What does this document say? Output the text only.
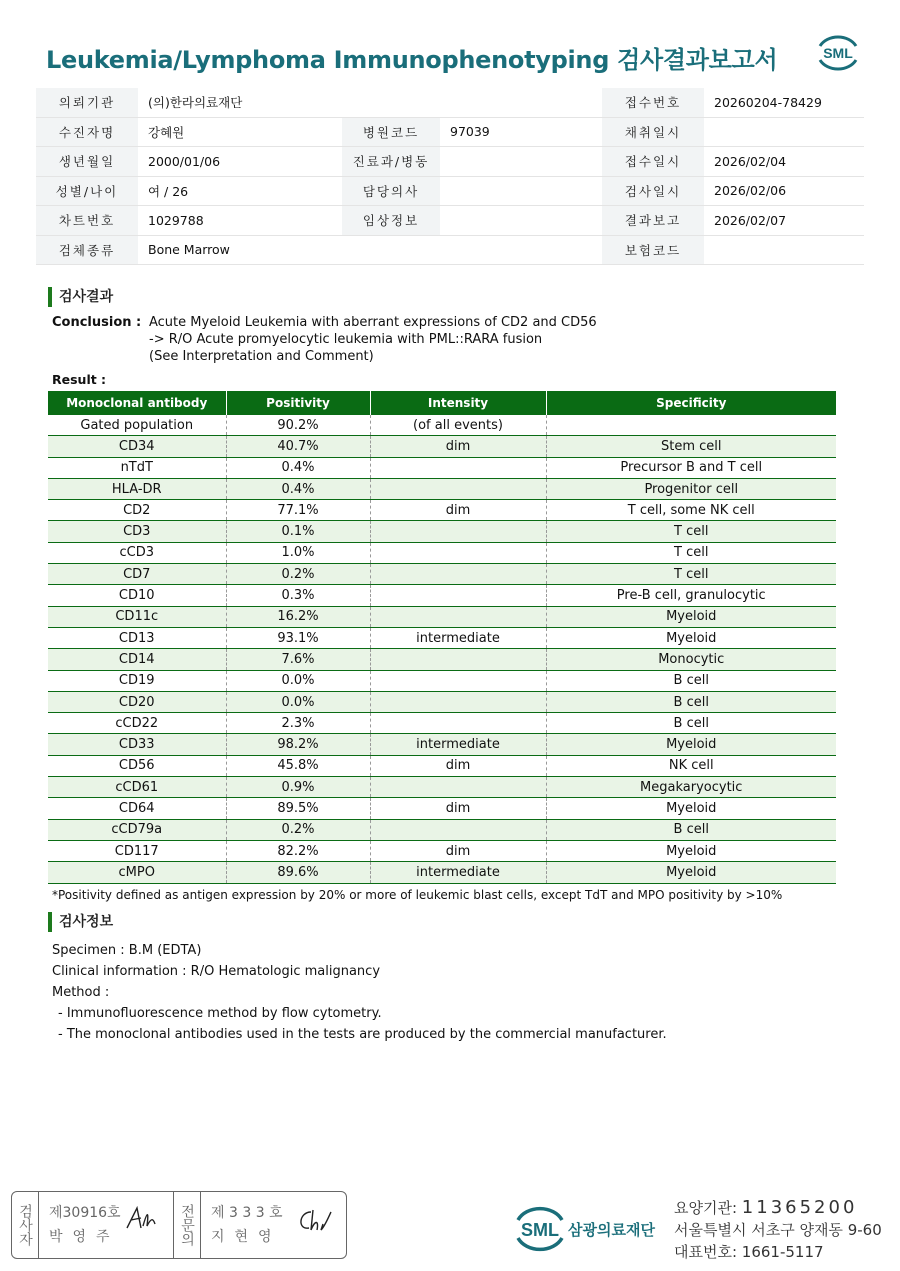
Leukemia/Lymphoma Immunophenotyping 검사결과보고서	SML
의뢰기관	(의)한라의료재단			접수번호	20260204-78429
수진자명	강혜원	병원코드	97039	채취일시	
생년월일	2000/01/06	진료과/병동		접수일시	2026/02/04
성별/나이	여 / 26	담당의사		검사일시	2026/02/06
차트번호	1029788	임상정보		결과보고	2026/02/07
검체종류	Bone Marrow			보험코드	
검사결과
Conclusion : Acute Myeloid Leukemia with aberrant expressions of CD2 and CD56
-> R/O Acute promyelocytic leukemia with PML::RARA fusion
(See Interpretation and Comment)
Result :
Monoclonal antibody	Positivity	Intensity	Specificity
Gated population	90.2%	(of all events)	
CD34	40.7%	dim	Stem cell
nTdT	0.4%		Precursor B and T cell
HLA-DR	0.4%		Progenitor cell
CD2	77.1%	dim	T cell, some NK cell
CD3	0.1%		T cell
cCD3	1.0%		T cell
CD7	0.2%		T cell
CD10	0.3%		Pre-B cell, granulocytic
CD11c	16.2%		Myeloid
CD13	93.1%	intermediate	Myeloid
CD14	7.6%		Monocytic
CD19	0.0%		B cell
CD20	0.0%		B cell
cCD22	2.3%		B cell
CD33	98.2%	intermediate	Myeloid
CD56	45.8%	dim	NK cell
cCD61	0.9%		Megakaryocytic
CD64	89.5%	dim	Myeloid
cCD79a	0.2%		B cell
CD117	82.2%	dim	Myeloid
cMPO	89.6%	intermediate	Myeloid
*Positivity defined as antigen expression by 20% or more of leukemic blast cells, except TdT and MPO positivity by >10%
검사정보
Specimen : B.M (EDTA)
Clinical information : R/O Hematologic malignancy
Method :
- Immunofluorescence method by flow cytometry.
- The monoclonal antibodies used in the tests are produced by the commercial manufacturer.
검사자	제30916호
박영주	전문의	제 3 3 3 호
지현영	SML 삼광의료재단
요양기관: 11365200
서울특별시 서초구 양재동 9-60
대표번호: 1661-5117
